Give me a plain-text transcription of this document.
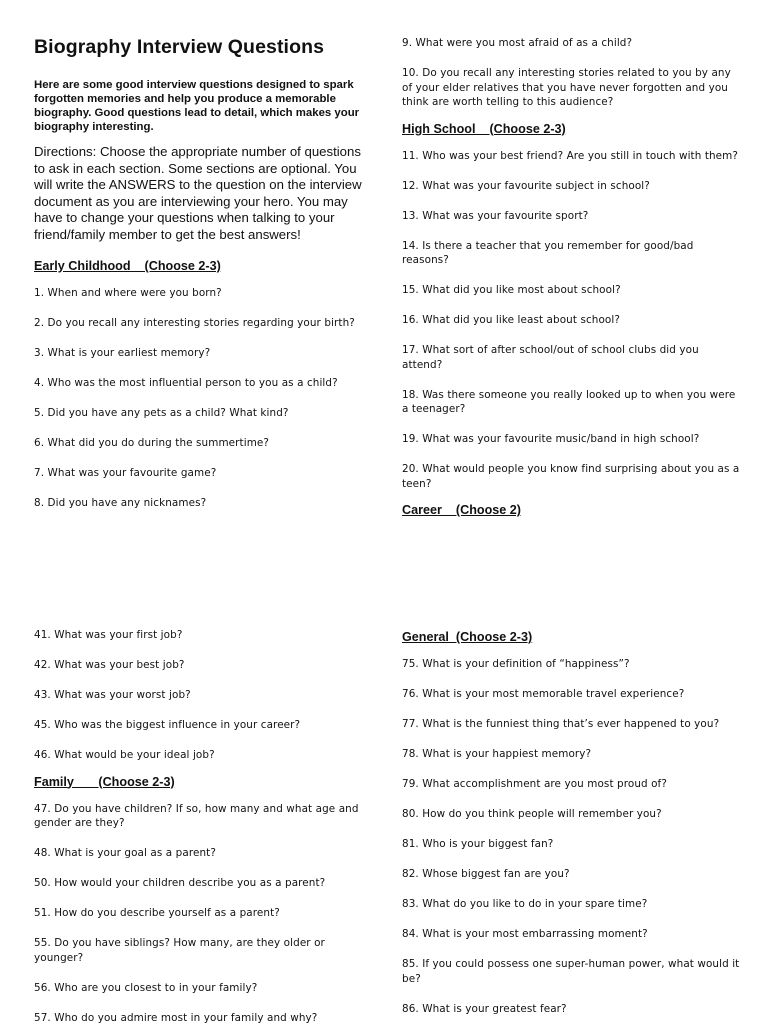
Biography Interview Questions
Here are some good interview questions designed to spark forgotten memories and help you produce a memorable biography. Good questions lead to detail, which makes your biography interesting.
Directions: Choose the appropriate number of questions to ask in each section. Some sections are optional. You will write the ANSWERS to the question on the interview document as you are interviewing your hero. You may have to change your questions when talking to your friend/family member to get the best answers!
Early Childhood    (Choose 2-3)
1. When and where were you born?
2. Do you recall any interesting stories regarding your birth?
3. What is your earliest memory?
4. Who was the most influential person to you as a child?
5. Did you have any pets as a child? What kind?
6. What did you do during the summertime?
7. What was your favourite game?
8. Did you have any nicknames?
9. What were you most afraid of as a child?
10. Do you recall any interesting stories related to you by any of your elder relatives that you have never forgotten and you think are worth telling to this audience?
High School    (Choose 2-3)
11. Who was your best friend? Are you still in touch with them?
12. What was your favourite subject in school?
13. What was your favourite sport?
14. Is there a teacher that you remember for good/bad reasons?
15. What did you like most about school?
16. What did you like least about school?
17. What sort of after school/out of school clubs did you attend?
18. Was there someone you really looked up to when you were a teenager?
19. What was your favourite music/band in high school?
20. What would people you know find surprising about you as a teen?
Career    (Choose 2)
41. What was your first job?
42. What was your best job?
43. What was your worst job?
45. Who was the biggest influence in your career?
46. What would be your ideal job?
Family       (Choose 2-3)
47. Do you have children? If so, how many and what age and gender are they?
48. What is your goal as a parent?
50. How would your children describe you as a parent?
51. How do you describe yourself as a parent?
55. Do you have siblings? How many, are they older or younger?
56. Who are you closest to in your family?
57. Who do you admire most in your family and why?
General  (Choose 2-3)
75. What is your definition of “happiness”?
76. What is your most memorable travel experience?
77. What is the funniest thing that’s ever happened to you?
78. What is your happiest memory?
79. What accomplishment are you most proud of?
80. How do you think people will remember you?
81. Who is your biggest fan?
82. Whose biggest fan are you?
83. What do you like to do in your spare time?
84. What is your most embarrassing moment?
85. If you could possess one super-human power, what would it be?
86. What is your greatest fear?
